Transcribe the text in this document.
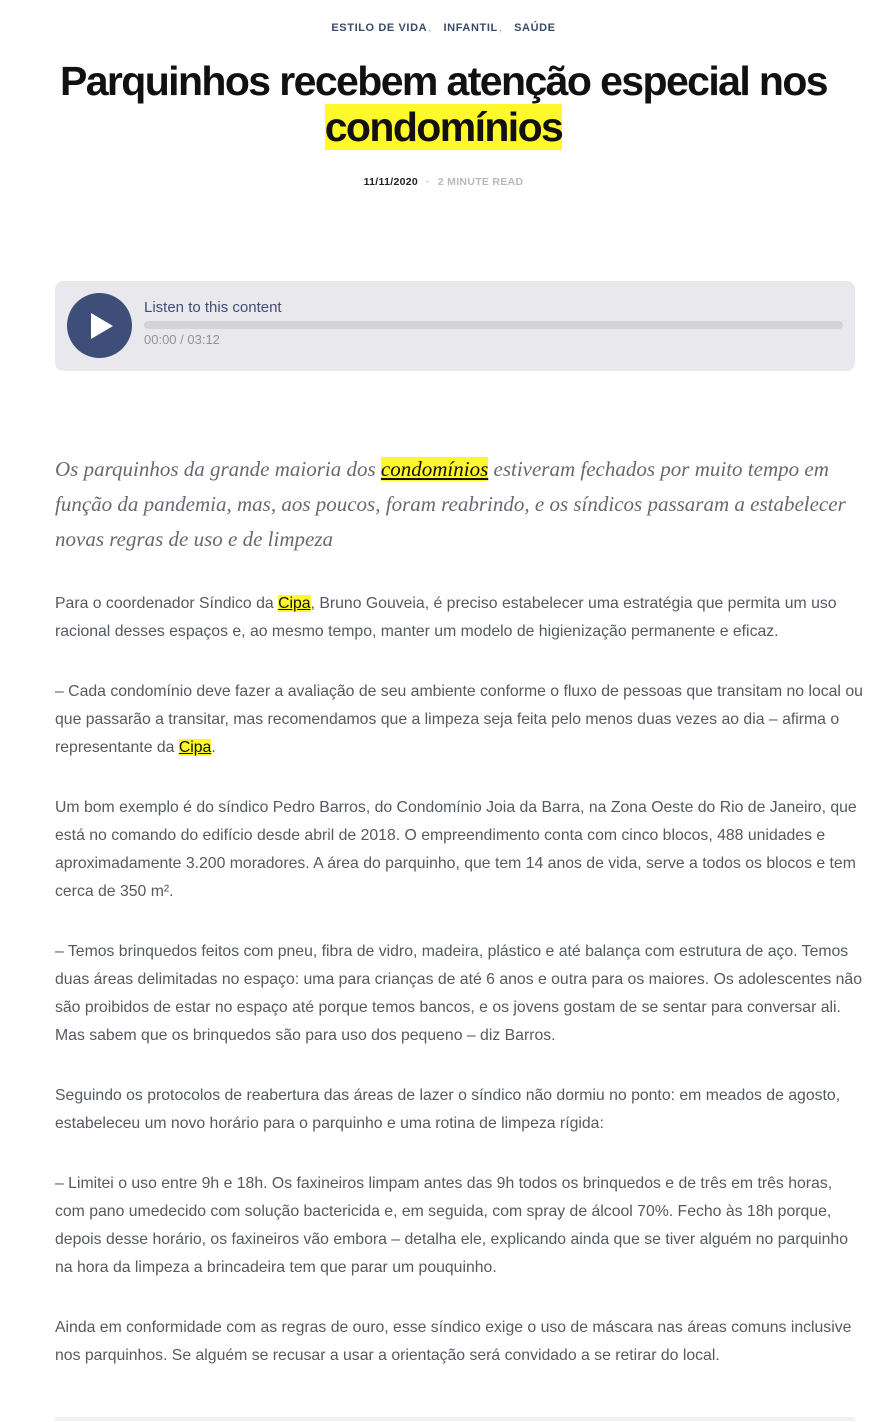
ESTILO DE VIDA, INFANTIL, SAÚDE
Parquinhos recebem atenção especial nos
condomínios
11/11/2020 · 2 MINUTE READ
Listen to this content
00:00 / 03:12

Os parquinhos da grande maioria dos condomínios estiveram fechados por muito tempo em função da pandemia, mas, aos poucos, foram reabrindo, e os síndicos passaram a estabelecer novas regras de uso e de limpeza

Para o coordenador Síndico da Cipa, Bruno Gouveia, é preciso estabelecer uma estratégia que permita um uso racional desses espaços e, ao mesmo tempo, manter um modelo de higienização permanente e eficaz.

– Cada condomínio deve fazer a avaliação de seu ambiente conforme o fluxo de pessoas que transitam no local ou que passarão a transitar, mas recomendamos que a limpeza seja feita pelo menos duas vezes ao dia – afirma o representante da Cipa.

Um bom exemplo é do síndico Pedro Barros, do Condomínio Joia da Barra, na Zona Oeste do Rio de Janeiro, que está no comando do edifício desde abril de 2018. O empreendimento conta com cinco blocos, 488 unidades e aproximadamente 3.200 moradores. A área do parquinho, que tem 14 anos de vida, serve a todos os blocos e tem cerca de 350 m².

– Temos brinquedos feitos com pneu, fibra de vidro, madeira, plástico e até balança com estrutura de aço. Temos duas áreas delimitadas no espaço: uma para crianças de até 6 anos e outra para os maiores. Os adolescentes não são proibidos de estar no espaço até porque temos bancos, e os jovens gostam de se sentar para conversar ali. Mas sabem que os brinquedos são para uso dos pequeno – diz Barros.

Seguindo os protocolos de reabertura das áreas de lazer o síndico não dormiu no ponto: em meados de agosto, estabeleceu um novo horário para o parquinho e uma rotina de limpeza rígida:

– Limitei o uso entre 9h e 18h. Os faxineiros limpam antes das 9h todos os brinquedos e de três em três horas, com pano umedecido com solução bactericida e, em seguida, com spray de álcool 70%. Fecho às 18h porque, depois desse horário, os faxineiros vão embora – detalha ele, explicando ainda que se tiver alguém no parquinho na hora da limpeza a brincadeira tem que parar um pouquinho.

Ainda em conformidade com as regras de ouro, esse síndico exige o uso de máscara nas áreas comuns inclusive nos parquinhos. Se alguém se recusar a usar a orientação será convidado a se retirar do local.
